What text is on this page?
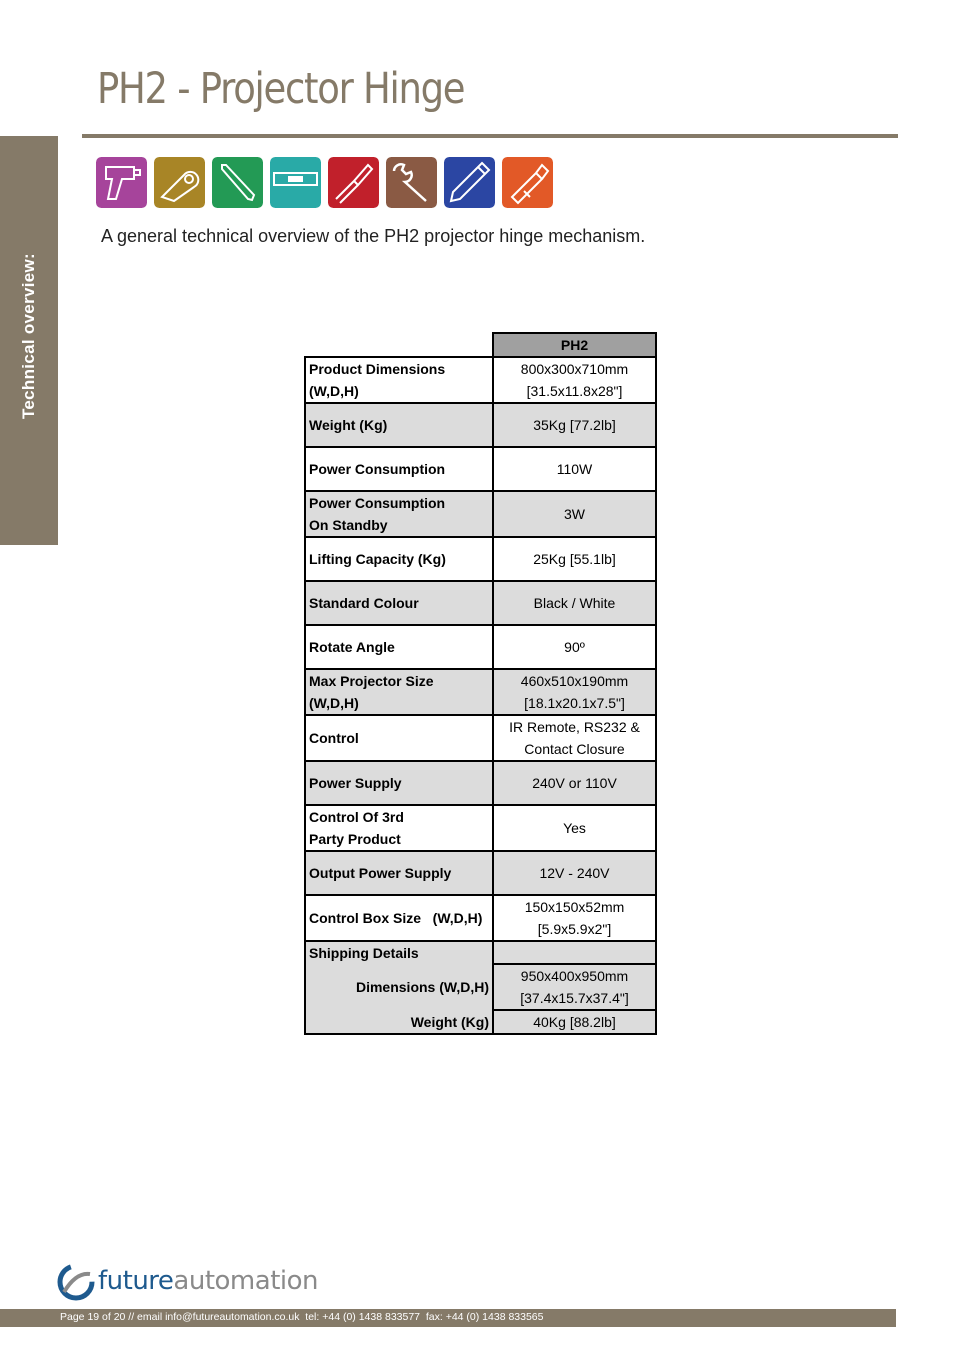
Technical overview:
PH2 - Projector Hinge

A general technical overview of the PH2 projector hinge mechanism.

	PH2
Product Dimensions
(W,D,H)	800x300x710mm
[31.5x11.8x28"]
Weight (Kg)	35Kg [77.2lb]
Power Consumption	110W
Power Consumption
On Standby	3W
Lifting Capacity (Kg)	25Kg [55.1lb]
Standard Colour	Black / White
Rotate Angle	90º
Max Projector Size
(W,D,H)	460x510x190mm
[18.1x20.1x7.5"]
Control	IR Remote, RS232 &
Contact Closure
Power Supply	240V or 110V
Control Of 3rd
Party Product	Yes
Output Power Supply	12V - 240V
Control Box Size   (W,D,H)	150x150x52mm
[5.9x5.9x2"]
Shipping Details	
Dimensions (W,D,H)	950x400x950mm
[37.4x15.7x37.4"]
Weight (Kg)	40Kg [88.2lb]
futureautomation
Page 19 of 20 // email info@futureautomation.co.uk  tel: +44 (0) 1438 833577  fax: +44 (0) 1438 833565
